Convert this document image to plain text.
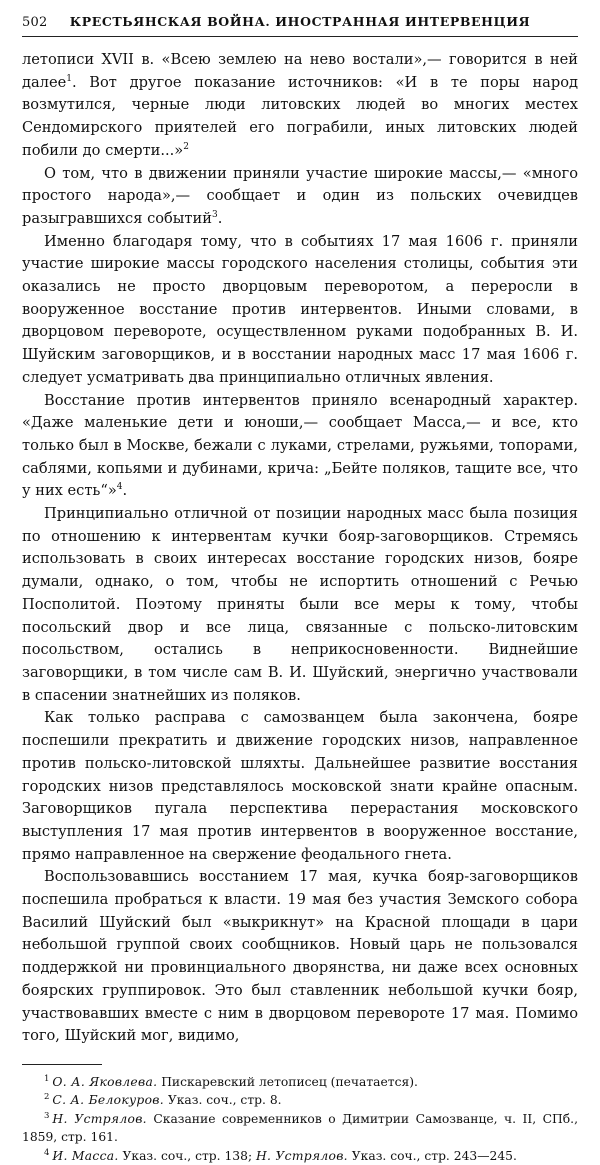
502	КРЕСТЬЯНСКАЯ ВОЙНА. ИНОСТРАННАЯ ИНТЕРВЕНЦИЯ

летописи XVII в. «Всею землею на нево востали»,— говорится в ней далее$^1$. Вот другое показание источников: «И в те поры народ возмутился, черные люди литовских людей во многих местех Сендомирского приятелей его пограбили, иных литовских людей побили до смерти...»$^2$

О том, что в движении приняли участие широкие массы,— «много простого народа»,— сообщает и один из польских очевидцев разыгравшихся событий$^3$.

Именно благодаря тому, что в событиях 17 мая 1606 г. приняли участие широкие массы городского населения столицы, события эти оказались не просто дворцовым переворотом, а переросли в вооруженное восстание против интервентов. Иными словами, в дворцовом перевороте, осуществленном руками подобранных В. И. Шуйским заговорщиков, и в восстании народных масс 17 мая 1606 г. следует усматривать два принципиально отличных явления.

Восстание против интервентов приняло всенародный характер. «Даже маленькие дети и юноши,— сообщает Масса,— и все, кто только был в Москве, бежали с луками, стрелами, ружьями, топорами, саблями, копьями и дубинами, крича: „Бейте поляков, тащите все, что у них есть“»$^4$.

Принципиально отличной от позиции народных масс была позиция по отношению к интервентам кучки бояр-заговорщиков. Стремясь использовать в своих интересах восстание городских низов, бояре думали, однако, о том, чтобы не испортить отношений с Речью Посполитой. Поэтому приняты были все меры к тому, чтобы посольский двор и все лица, связанные с польско-литовским посольством, остались в неприкосновенности. Виднейшие заговорщики, в том числе сам В. И. Шуйский, энергично участвовали в спасении знатнейших из поляков.

Как только расправа с самозванцем была закончена, бояре поспешили прекратить и движение городских низов, направленное против польско-литовской шляхты. Дальнейшее развитие восстания городских низов представлялось московской знати крайне опасным. Заговорщиков пугала перспектива перерастания московского выступления 17 мая против интервентов в вооруженное восстание, прямо направленное на свержение феодального гнета.

Воспользовавшись восстанием 17 мая, кучка бояр-заговорщиков поспешила пробраться к власти. 19 мая без участия Земского собора Василий Шуйский был «выкрикнут» на Красной площади в цари небольшой группой своих сообщников. Новый царь не пользовался поддержкой ни провинциального дворянства, ни даже всех основных боярских группировок. Это был ставленник небольшой кучки бояр, участвовавших вместе с ним в дворцовом перевороте 17 мая. Помимо того, Шуйский мог, видимо,

$^1$ О. А. Яковлева. Пискаревский летописец (печатается).
$^2$ С. А. Белокуров. Указ. соч., стр. 8.
$^3$ Н. Устрялов. Сказание современников о Димитрии Самозванце, ч. II, СПб., 1859, стр. 161.
$^4$ И. Масса. Указ. соч., стр. 138; Н. Устрялов. Указ. соч., стр. 243—245.
